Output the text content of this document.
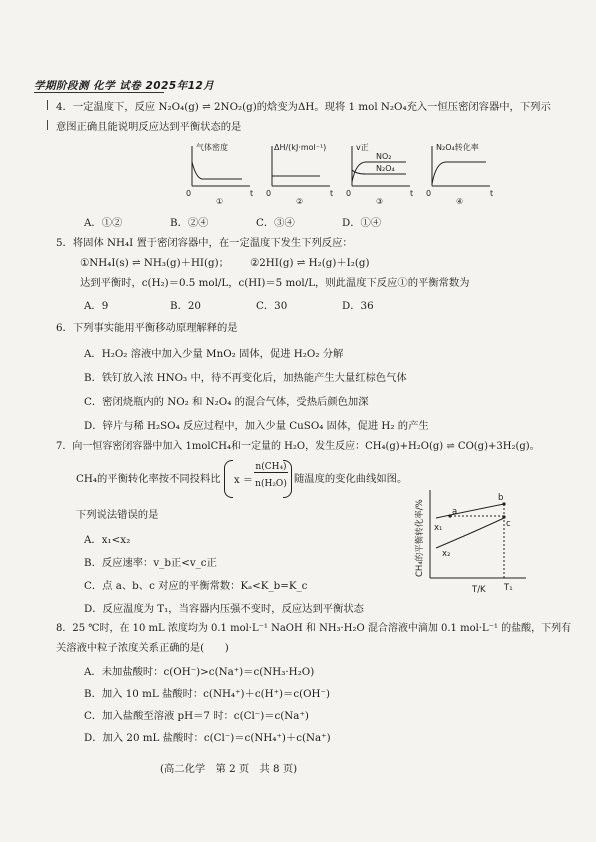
学期阶段测 化学 试卷 2025年12月
4．一定温度下，反应 N₂O₄(g) ⇌ 2NO₂(g)的焓变为ΔH。现将 1 mol N₂O₄充入一恒压密闭容器中，下列示
意图正确且能说明反应达到平衡状态的是
气体密度
0	t
①
ΔH/(kJ·mol⁻¹)
0	t
②
v正
NO₂
N₂O₄
0	t
③
N₂O₄转化率
0	t
④
A．①②	B．②④	C．③④	D．①④
5．将固体 NH₄I 置于密闭容器中，在一定温度下发生下列反应：
①NH₄I(s) ⇌ NH₃(g)＋HI(g)； ②2HI(g) ⇌ H₂(g)＋I₂(g)
达到平衡时，c(H₂)＝0.5 mol/L，c(HI)＝5 mol/L，则此温度下反应①的平衡常数为
A．9	B．20	C．30	D．36
6．下列事实能用平衡移动原理解释的是
A．H₂O₂ 溶液中加入少量 MnO₂ 固体，促进 H₂O₂ 分解
B．铁钉放入浓 HNO₃ 中，待不再变化后，加热能产生大量红棕色气体
C．密闭烧瓶内的 NO₂ 和 N₂O₄ 的混合气体，受热后颜色加深
D．锌片与稀 H₂SO₄ 反应过程中，加入少量 CuSO₄ 固体，促进 H₂ 的产生
7．向一恒容密闭容器中加入 1molCH₄和一定量的 H₂O，发生反应：CH₄(g)+H₂O(g) ⇌ CO(g)+3H₂(g)。
CH₄的平衡转化率按不同投料比 x ＝
n(CH₄)
n(H₂O) 随温度的变化曲线如图。
下列说法错误的是
A．x₁<x₂
B．反应速率：v_b正<v_c正
C．点 a、b、c 对应的平衡常数：Kₐ<K_b=K_c
D．反应温度为 T₁，当容器内压强不变时，反应达到平衡状态
CH₄的平衡转化率/%
T/K T₁
a
b
c
x₁
x₂
8．25 ℃时，在 10 mL 浓度均为 0.1 mol·L⁻¹ NaOH 和 NH₃·H₂O 混合溶液中滴加 0.1 mol·L⁻¹ 的盐酸，下列有
关溶液中粒子浓度关系正确的是(　　)
A．未加盐酸时：c(OH⁻)>c(Na⁺)＝c(NH₃·H₂O)
B．加入 10 mL 盐酸时：c(NH₄⁺)＋c(H⁺)＝c(OH⁻)
C．加入盐酸至溶液 pH＝7 时：c(Cl⁻)＝c(Na⁺)
D．加入 20 mL 盐酸时：c(Cl⁻)＝c(NH₄⁺)＋c(Na⁺)
(高二化学　第 2 页　共 8 页)
